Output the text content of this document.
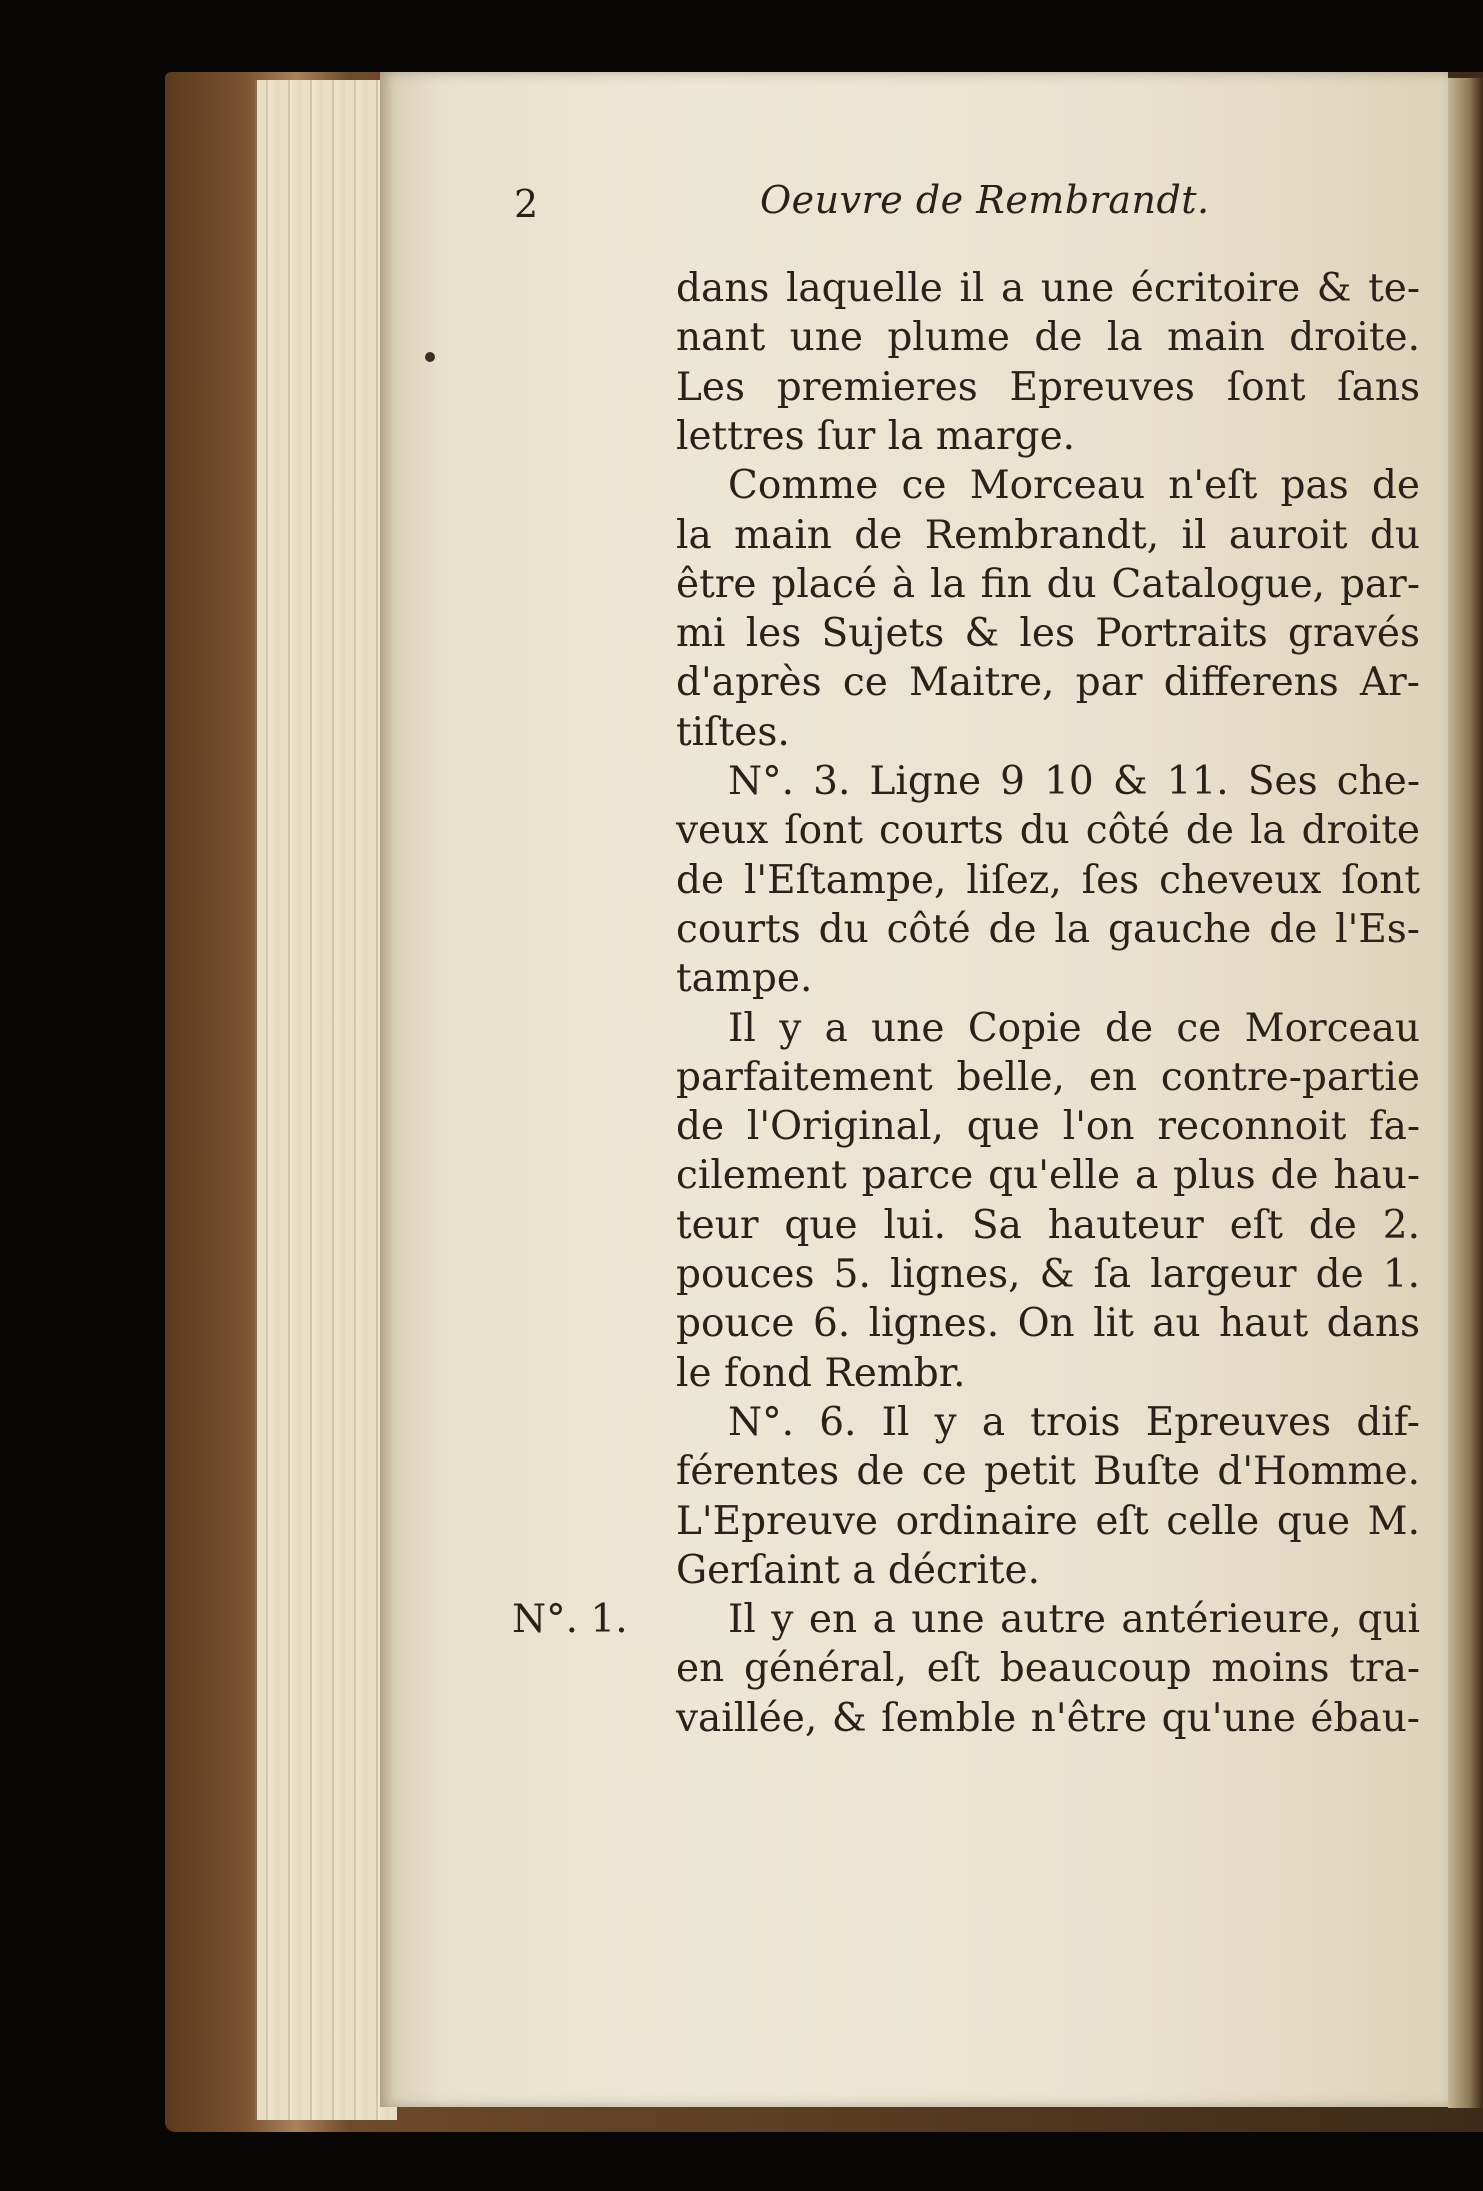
2	Oeuvre de Rembrandt.

N°. 1.

dans laquelle il a une écritoire & te-

nant une plume de la main droite.

Les premieres Epreuves ſont ſans

lettres ſur la marge.

Comme ce Morceau n'eſt pas de

la main de Rembrandt, il auroit du

être placé à la fin du Catalogue, par-

mi les Sujets & les Portraits gravés

d'après ce Maitre, par differens Ar-

tiſtes.

N°. 3. Ligne 9 10 & 11. Ses che-

veux ſont courts du côté de la droite

de l'Eſtampe, liſez, ſes cheveux ſont

courts du côté de la gauche de l'Es-

tampe.

Il y a une Copie de ce Morceau

parfaitement belle, en contre-partie

de l'Original, que l'on reconnoit fa-

cilement parce qu'elle a plus de hau-

teur que lui. Sa hauteur eſt de 2.

pouces 5. lignes, & ſa largeur de 1.

pouce 6. lignes. On lit au haut dans

le fond Rembr.

N°. 6. Il y a trois Epreuves dif-

férentes de ce petit Buſte d'Homme.

L'Epreuve ordinaire eſt celle que M.

Gerſaint a décrite.

Il y en a une autre antérieure, qui

en général, eſt beaucoup moins tra-

vaillée, & ſemble n'être qu'une ébau-
